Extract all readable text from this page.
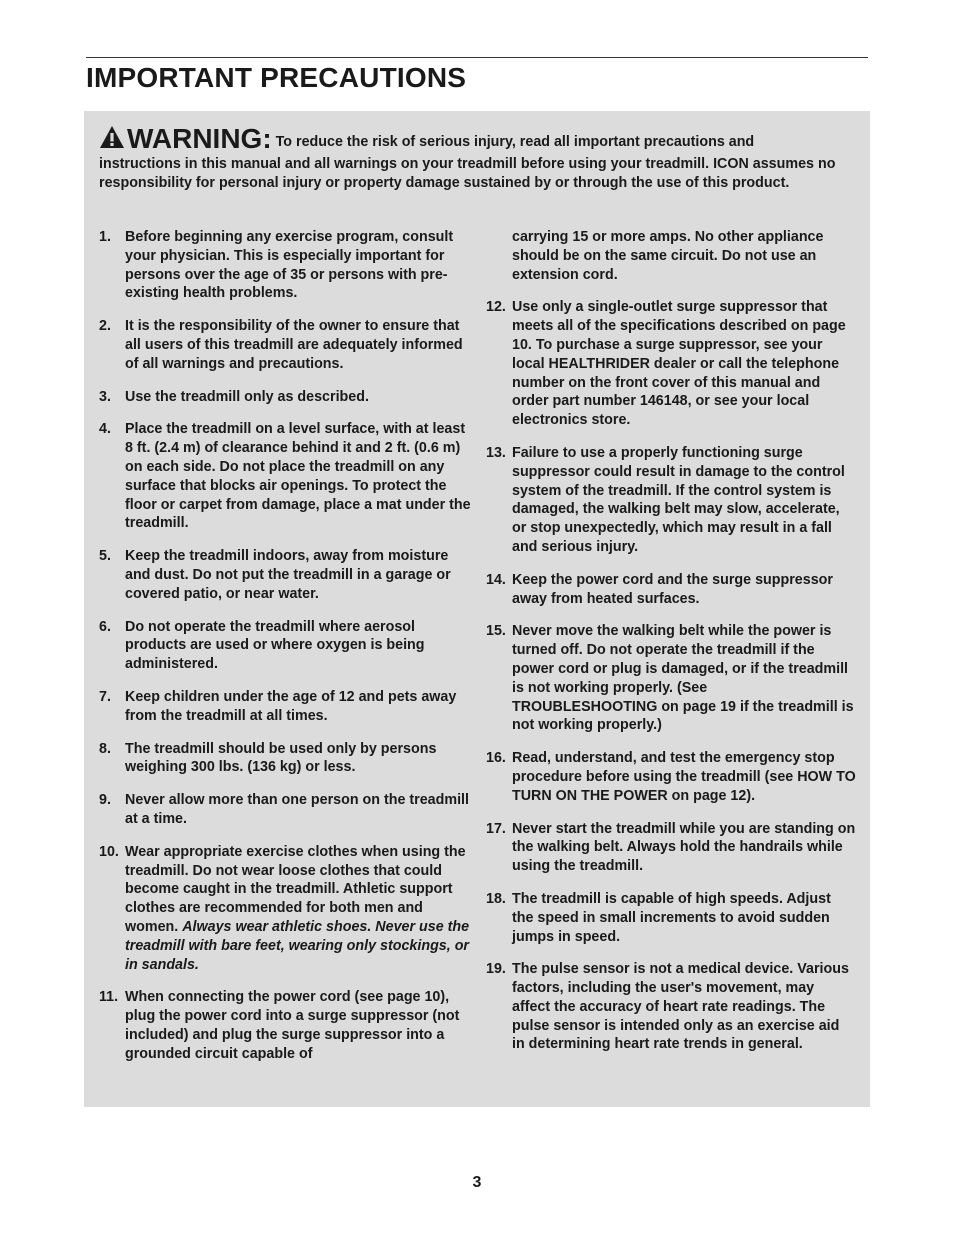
IMPORTANT PRECAUTIONS
WARNING: To reduce the risk of serious injury, read all important precautions and instructions in this manual and all warnings on your treadmill before using your treadmill. ICON assumes no responsibility for personal injury or property damage sustained by or through the use of this product.
1. Before beginning any exercise program, consult your physician. This is especially important for persons over the age of 35 or persons with pre-existing health problems.
2. It is the responsibility of the owner to ensure that all users of this treadmill are adequately informed of all warnings and precautions.
3. Use the treadmill only as described.
4. Place the treadmill on a level surface, with at least 8 ft. (2.4 m) of clearance behind it and 2 ft. (0.6 m) on each side. Do not place the treadmill on any surface that blocks air openings. To protect the floor or carpet from damage, place a mat under the treadmill.
5. Keep the treadmill indoors, away from moisture and dust. Do not put the treadmill in a garage or covered patio, or near water.
6. Do not operate the treadmill where aerosol products are used or where oxygen is being administered.
7. Keep children under the age of 12 and pets away from the treadmill at all times.
8. The treadmill should be used only by persons weighing 300 lbs. (136 kg) or less.
9. Never allow more than one person on the treadmill at a time.
10. Wear appropriate exercise clothes when using the treadmill. Do not wear loose clothes that could become caught in the treadmill. Athletic support clothes are recommended for both men and women. Always wear athletic shoes. Never use the treadmill with bare feet, wearing only stockings, or in sandals.
11. When connecting the power cord (see page 10), plug the power cord into a surge suppressor (not included) and plug the surge suppressor into a grounded circuit capable of
carrying 15 or more amps. No other appliance should be on the same circuit. Do not use an extension cord.
12. Use only a single-outlet surge suppressor that meets all of the specifications described on page 10. To purchase a surge suppressor, see your local HEALTHRIDER dealer or call the telephone number on the front cover of this manual and order part number 146148, or see your local electronics store.
13. Failure to use a properly functioning surge suppressor could result in damage to the control system of the treadmill. If the control system is damaged, the walking belt may slow, accelerate, or stop unexpectedly, which may result in a fall and serious injury.
14. Keep the power cord and the surge suppressor away from heated surfaces.
15. Never move the walking belt while the power is turned off. Do not operate the treadmill if the power cord or plug is damaged, or if the treadmill is not working properly. (See TROUBLESHOOTING on page 19 if the treadmill is not working properly.)
16. Read, understand, and test the emergency stop procedure before using the treadmill (see HOW TO TURN ON THE POWER on page 12).
17. Never start the treadmill while you are standing on the walking belt. Always hold the handrails while using the treadmill.
18. The treadmill is capable of high speeds. Adjust the speed in small increments to avoid sudden jumps in speed.
19. The pulse sensor is not a medical device. Various factors, including the user's movement, may affect the accuracy of heart rate readings. The pulse sensor is intended only as an exercise aid in determining heart rate trends in general.
3
